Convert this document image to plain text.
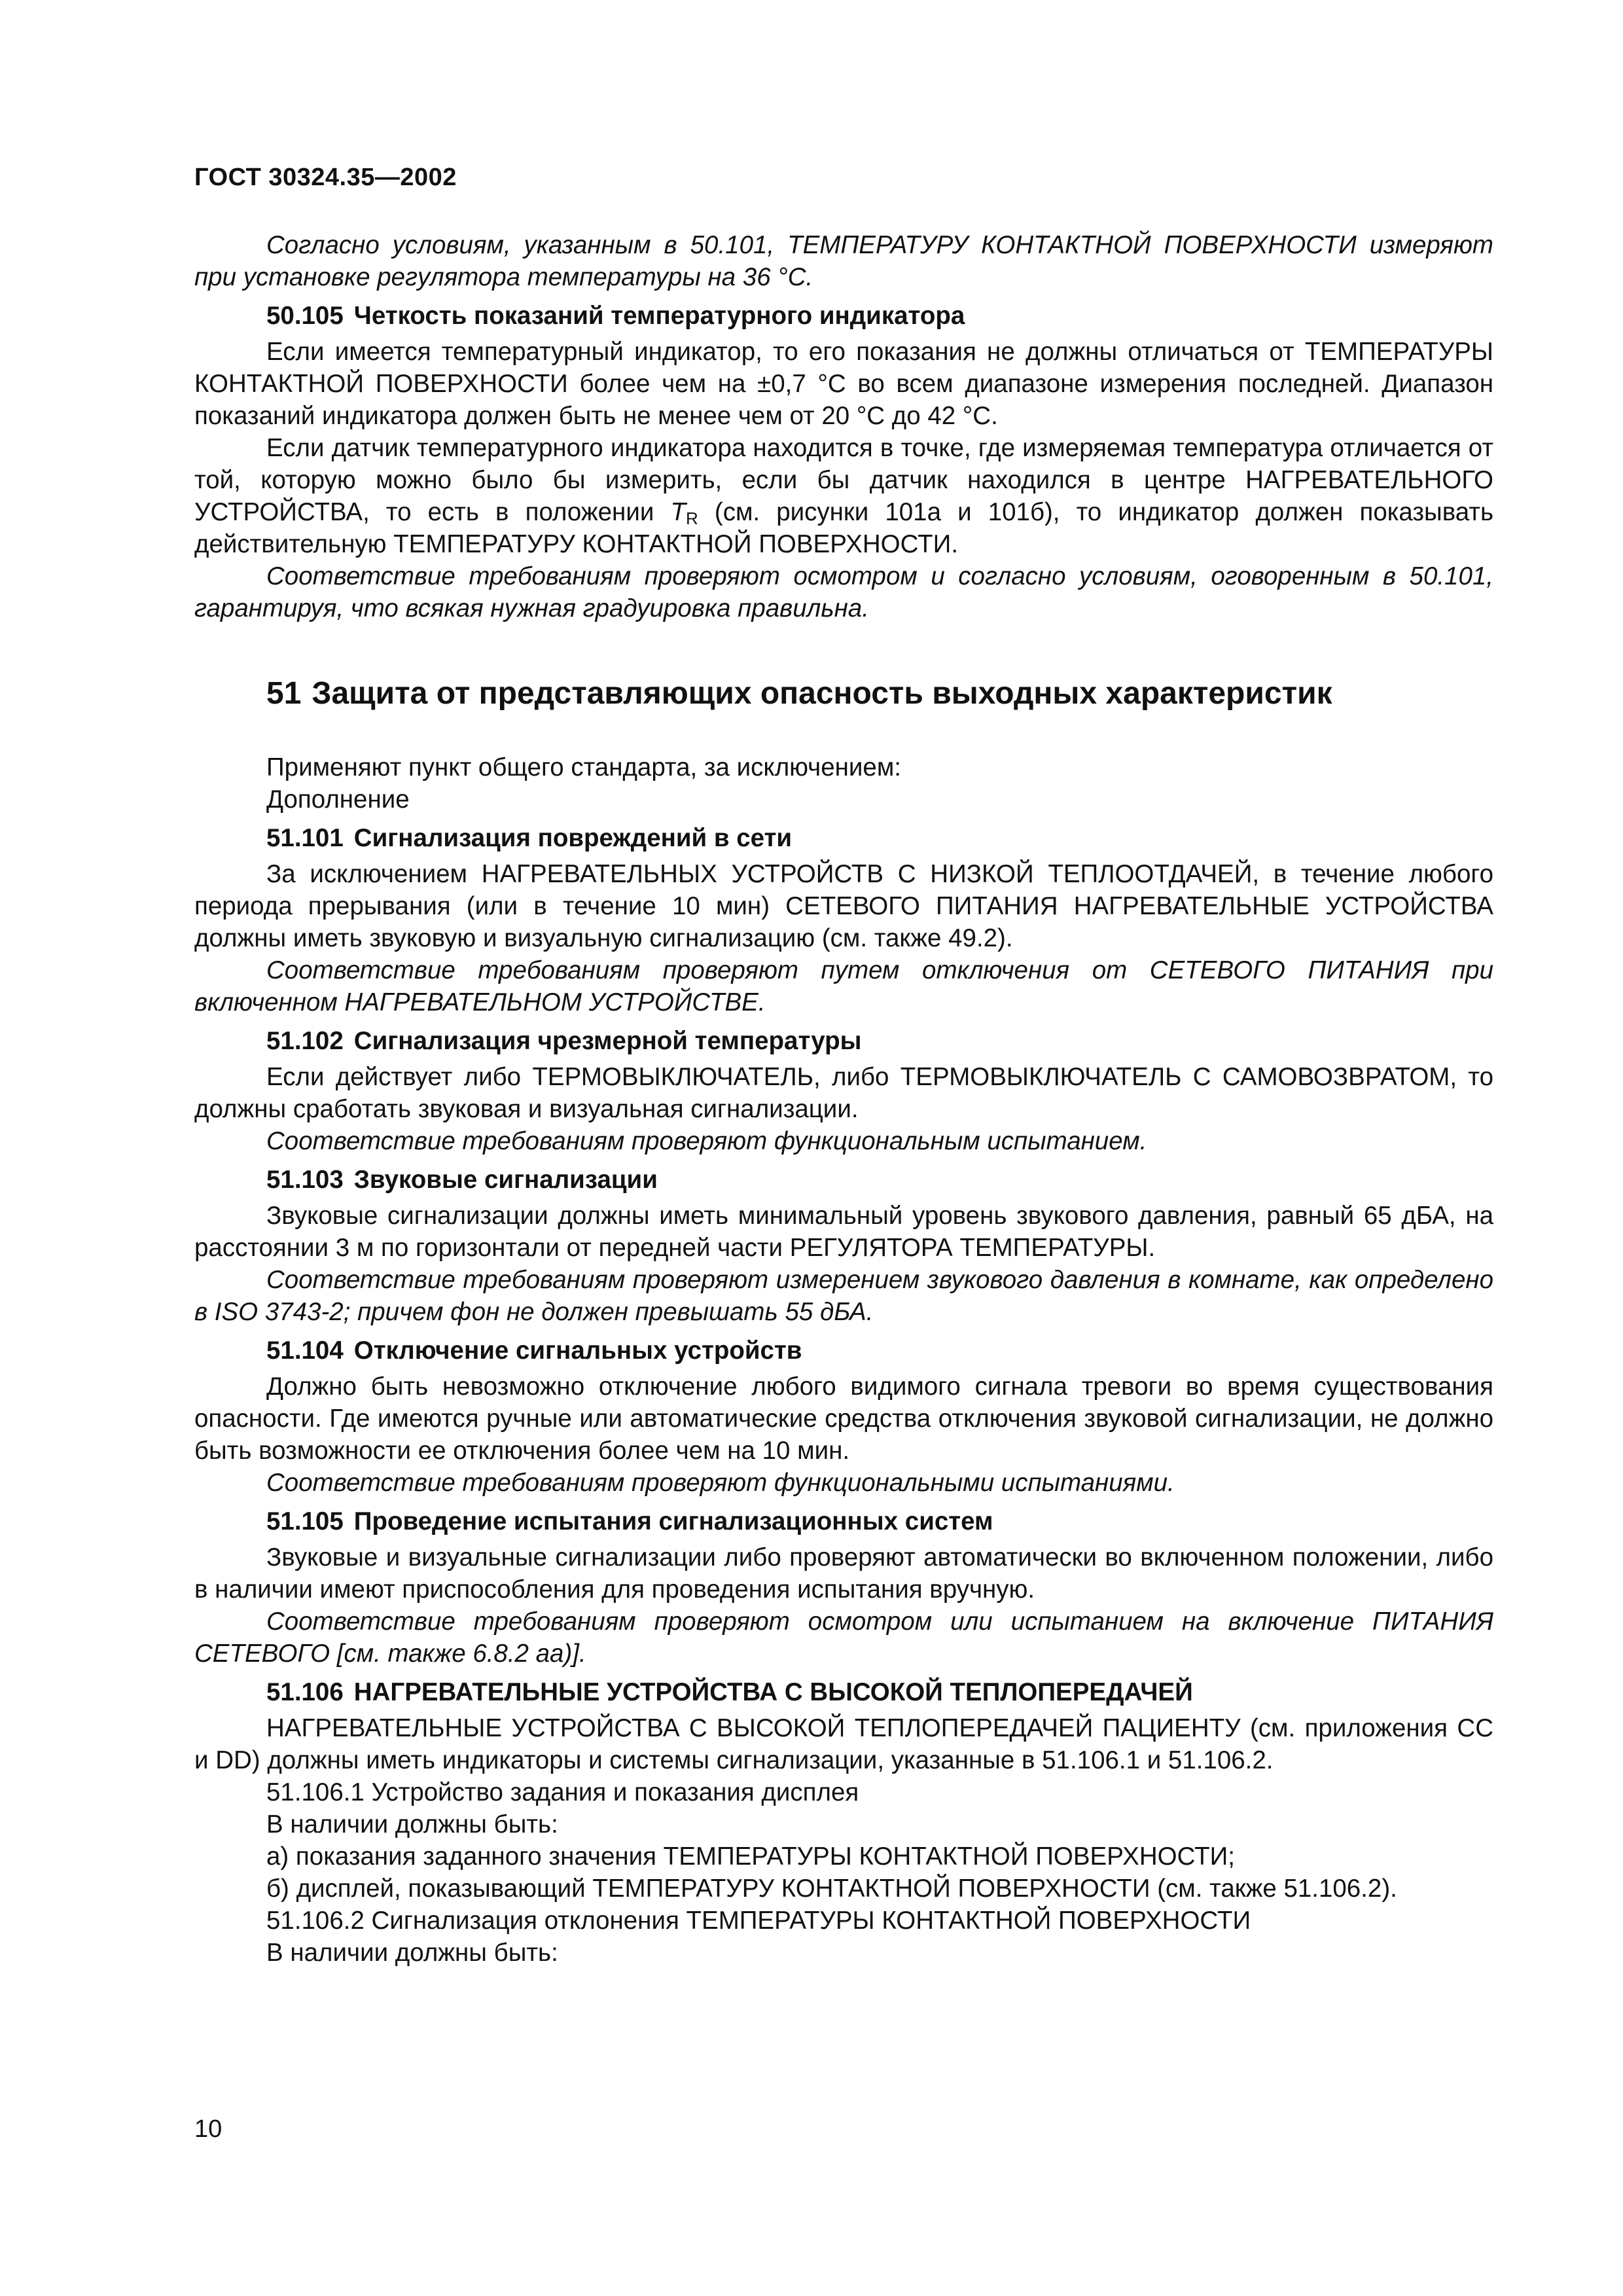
ГОСТ 30324.35—2002

Согласно условиям, указанным в 50.101, ТЕМПЕРАТУРУ КОНТАКТНОЙ ПОВЕРХНОСТИ измеряют при установке регулятора температуры на 36 °С.

50.105 Четкость показаний температурного индикатора

Если имеется температурный индикатор, то его показания не должны отличаться от ТЕМПЕРАТУРЫ КОНТАКТНОЙ ПОВЕРХНОСТИ более чем на ±0,7 °С во всем диапазоне измерения последней. Диапазон показаний индикатора должен быть не менее чем от 20 °С до 42 °С.

Если датчик температурного индикатора находится в точке, где измеряемая температура отличается от той, которую можно было бы измерить, если бы датчик находился в центре НАГРЕВАТЕЛЬНОГО УСТРОЙСТВА, то есть в положении $T_R$ (см. рисунки 101а и 101б), то индикатор должен показывать действительную ТЕМПЕРАТУРУ КОНТАКТНОЙ ПОВЕРХНОСТИ.

Соответствие требованиям проверяют осмотром и согласно условиям, оговоренным в 50.101, гарантируя, что всякая нужная градуировка правильна.

51 Защита от представляющих опасность выходных характеристик

Применяют пункт общего стандарта, за исключением:

Дополнение

51.101 Сигнализация повреждений в сети

За исключением НАГРЕВАТЕЛЬНЫХ УСТРОЙСТВ С НИЗКОЙ ТЕПЛООТДАЧЕЙ, в течение любого периода прерывания (или в течение 10 мин) СЕТЕВОГО ПИТАНИЯ НАГРЕВАТЕЛЬНЫЕ УСТРОЙСТВА должны иметь звуковую и визуальную сигнализацию (см. также 49.2).

Соответствие требованиям проверяют путем отключения от СЕТЕВОГО ПИТАНИЯ при включенном НАГРЕВАТЕЛЬНОМ УСТРОЙСТВЕ.

51.102 Сигнализация чрезмерной температуры

Если действует либо ТЕРМОВЫКЛЮЧАТЕЛЬ, либо ТЕРМОВЫКЛЮЧАТЕЛЬ С САМОВОЗВРАТОМ, то должны сработать звуковая и визуальная сигнализации.

Соответствие требованиям проверяют функциональным испытанием.

51.103 Звуковые сигнализации

Звуковые сигнализации должны иметь минимальный уровень звукового давления, равный 65 дБА, на расстоянии 3 м по горизонтали от передней части РЕГУЛЯТОРА ТЕМПЕРАТУРЫ.

Соответствие требованиям проверяют измерением звукового давления в комнате, как определено в ISO 3743-2; причем фон не должен превышать 55 дБА.

51.104 Отключение сигнальных устройств

Должно быть невозможно отключение любого видимого сигнала тревоги во время существования опасности. Где имеются ручные или автоматические средства отключения звуковой сигнализации, не должно быть возможности ее отключения более чем на 10 мин.

Соответствие требованиям проверяют функциональными испытаниями.

51.105 Проведение испытания сигнализационных систем

Звуковые и визуальные сигнализации либо проверяют автоматически во включенном положении, либо в наличии имеют приспособления для проведения испытания вручную.

Соответствие требованиям проверяют осмотром или испытанием на включение ПИТАНИЯ СЕТЕВОГО [см. также 6.8.2 аа)].

51.106 НАГРЕВАТЕЛЬНЫЕ УСТРОЙСТВА С ВЫСОКОЙ ТЕПЛОПЕРЕДАЧЕЙ

НАГРЕВАТЕЛЬНЫЕ УСТРОЙСТВА С ВЫСОКОЙ ТЕПЛОПЕРЕДАЧЕЙ ПАЦИЕНТУ (см. приложения СС и DD) должны иметь индикаторы и системы сигнализации, указанные в 51.106.1 и 51.106.2.

51.106.1 Устройство задания и показания дисплея

В наличии должны быть:

а) показания заданного значения ТЕМПЕРАТУРЫ КОНТАКТНОЙ ПОВЕРХНОСТИ;

б) дисплей, показывающий ТЕМПЕРАТУРУ КОНТАКТНОЙ ПОВЕРХНОСТИ (см. также 51.106.2).

51.106.2 Сигнализация отклонения ТЕМПЕРАТУРЫ КОНТАКТНОЙ ПОВЕРХНОСТИ

В наличии должны быть:

10
